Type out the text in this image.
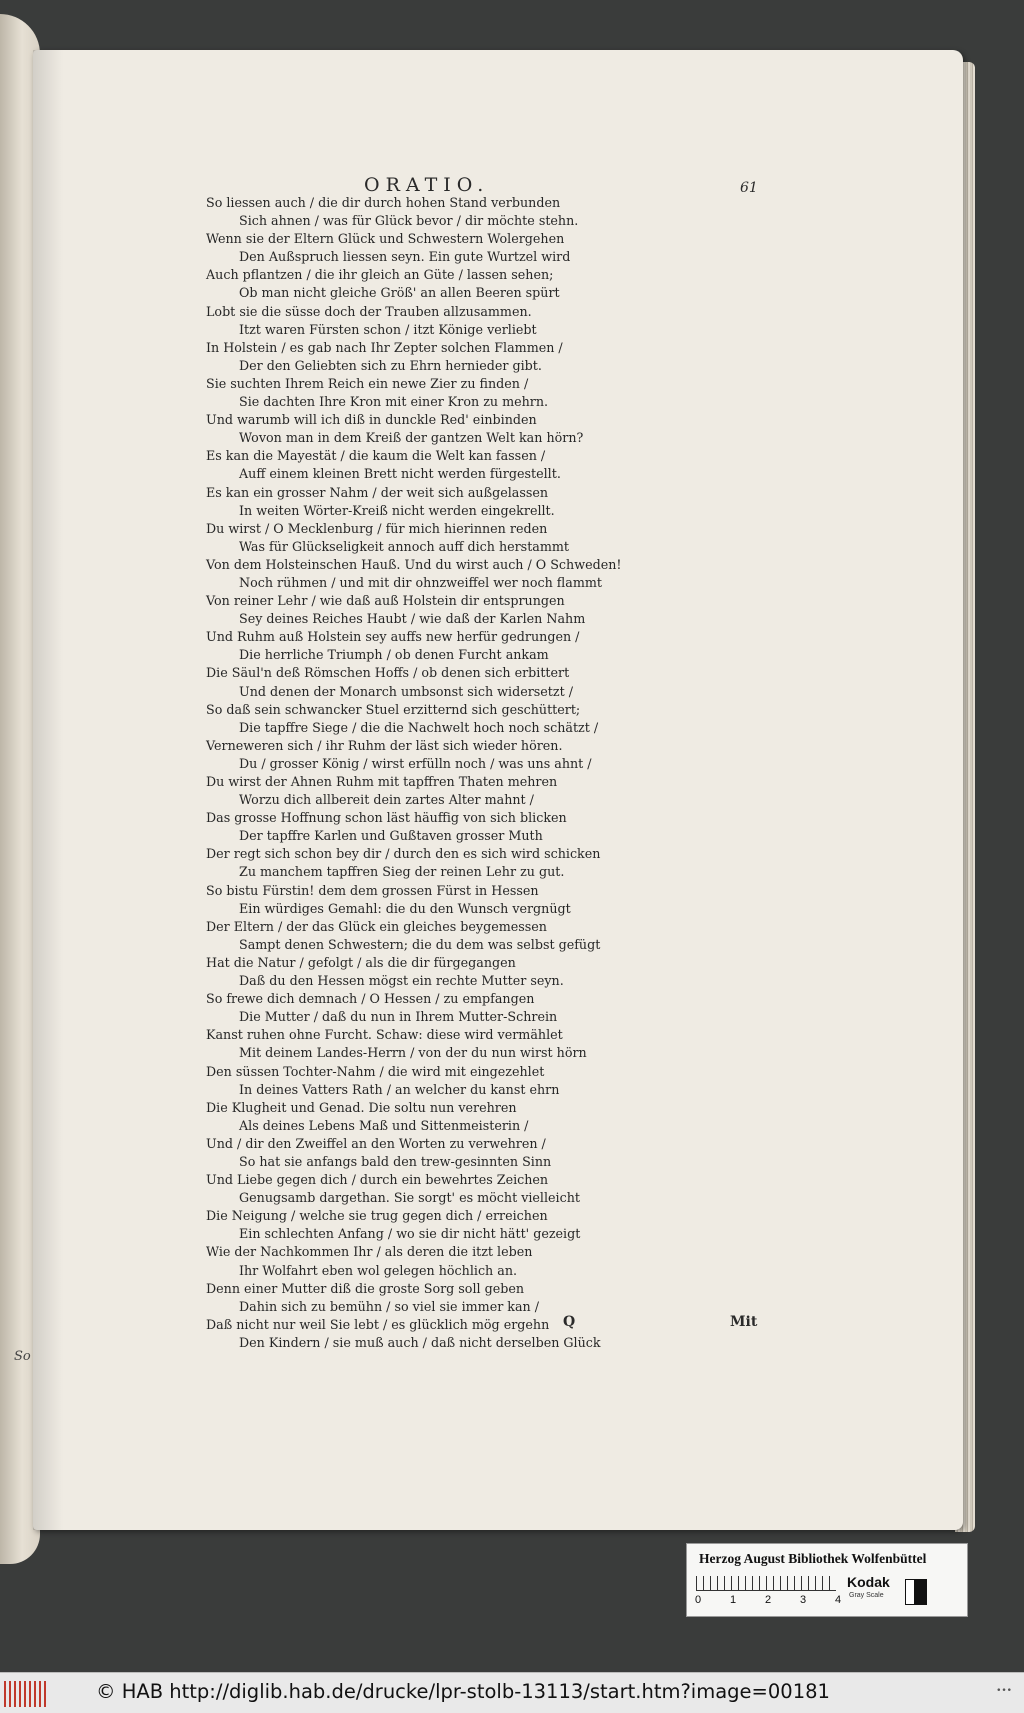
So
ORATIO.	61
So liessen auch / die dir durch hohen Stand verbunden
Sich ahnen / was für Glück bevor / dir möchte stehn.
Wenn sie der Eltern Glück und Schwestern Wolergehen
Den Außspruch liessen seyn. Ein gute Wurtzel wird
Auch pflantzen / die ihr gleich an Güte / lassen sehen;
Ob man nicht gleiche Größ' an allen Beeren spürt
Lobt sie die süsse doch der Trauben allzusammen.
Itzt waren Fürsten schon / itzt Könige verliebt
In Holstein / es gab nach Ihr Zepter solchen Flammen /
Der den Geliebten sich zu Ehrn hernieder gibt.
Sie suchten Ihrem Reich ein newe Zier zu finden /
Sie dachten Ihre Kron mit einer Kron zu mehrn.
Und warumb will ich diß in dunckle Red' einbinden
Wovon man in dem Kreiß der gantzen Welt kan hörn?
Es kan die Mayestät / die kaum die Welt kan fassen /
Auff einem kleinen Brett nicht werden fürgestellt.
Es kan ein grosser Nahm / der weit sich außgelassen
In weiten Wörter-Kreiß nicht werden eingekrellt.
Du wirst / O Mecklenburg / für mich hierinnen reden
Was für Glückseligkeit annoch auff dich herstammt
Von dem Holsteinschen Hauß. Und du wirst auch / O Schweden!
Noch rühmen / und mit dir ohnzweiffel wer noch flammt
Von reiner Lehr / wie daß auß Holstein dir entsprungen
Sey deines Reiches Haubt / wie daß der Karlen Nahm
Und Ruhm auß Holstein sey auffs new herfür gedrungen /
Die herrliche Triumph / ob denen Furcht ankam
Die Säul'n deß Römschen Hoffs / ob denen sich erbittert
Und denen der Monarch umbsonst sich widersetzt /
So daß sein schwancker Stuel erzitternd sich geschüttert;
Die tapffre Siege / die die Nachwelt hoch noch schätzt /
Verneweren sich / ihr Ruhm der läst sich wieder hören.
Du / grosser König / wirst erfülln noch / was uns ahnt /
Du wirst der Ahnen Ruhm mit tapffren Thaten mehren
Worzu dich allbereit dein zartes Alter mahnt /
Das grosse Hoffnung schon läst häuffig von sich blicken
Der tapffre Karlen und Gußtaven grosser Muth
Der regt sich schon bey dir / durch den es sich wird schicken
Zu manchem tapffren Sieg der reinen Lehr zu gut.
So bistu Fürstin! dem dem grossen Fürst in Hessen
Ein würdiges Gemahl: die du den Wunsch vergnügt
Der Eltern / der das Glück ein gleiches beygemessen
Sampt denen Schwestern; die du dem was selbst gefügt
Hat die Natur / gefolgt / als die dir fürgegangen
Daß du den Hessen mögst ein rechte Mutter seyn.
So frewe dich demnach / O Hessen / zu empfangen
Die Mutter / daß du nun in Ihrem Mutter-Schrein
Kanst ruhen ohne Furcht. Schaw: diese wird vermählet
Mit deinem Landes-Herrn / von der du nun wirst hörn
Den süssen Tochter-Nahm / die wird mit eingezehlet
In deines Vatters Rath / an welcher du kanst ehrn
Die Klugheit und Genad. Die soltu nun verehren
Als deines Lebens Maß und Sittenmeisterin /
Und / dir den Zweiffel an den Worten zu verwehren /
So hat sie anfangs bald den trew-gesinnten Sinn
Und Liebe gegen dich / durch ein bewehrtes Zeichen
Genugsamb dargethan. Sie sorgt' es möcht vielleicht
Die Neigung / welche sie trug gegen dich / erreichen
Ein schlechten Anfang / wo sie dir nicht hätt' gezeigt
Wie der Nachkommen Ihr / als deren die itzt leben
Ihr Wolfahrt eben wol gelegen höchlich an.
Denn einer Mutter diß die groste Sorg soll geben
Dahin sich zu bemühn / so viel sie immer kan /
Daß nicht nur weil Sie lebt / es glücklich mög ergehn
Den Kindern / sie muß auch / daß nicht derselben Glück
Q	Mit
Herzog August Bibliothek Wolfenbüttel
0	1	2	3	4
Kodak
Gray Scale
© HAB http://diglib.hab.de/drucke/lpr-stolb-13113/start.htm?image=00181	•••
